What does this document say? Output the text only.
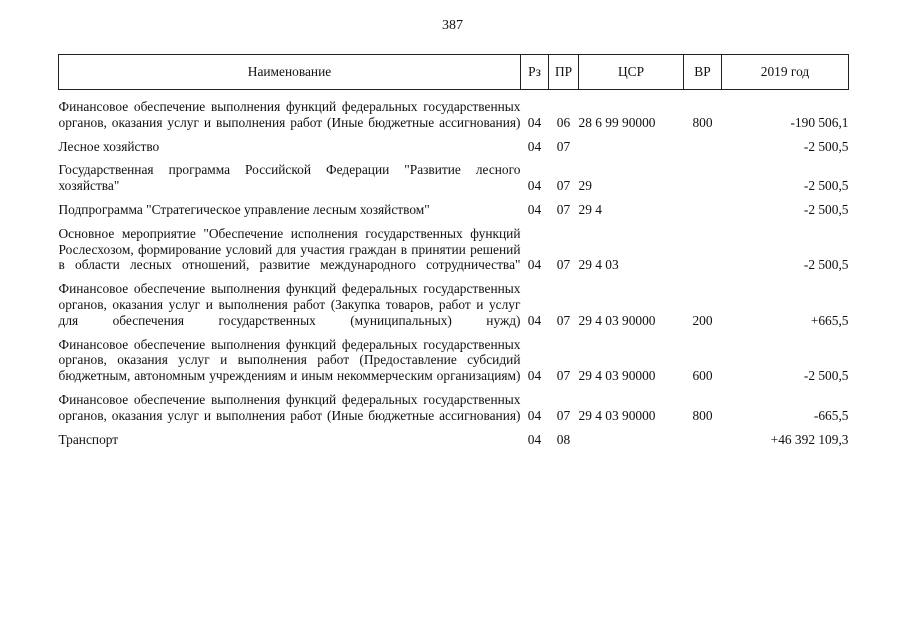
387
Наименование	Рз	ПР	ЦСР	ВР	2019 год
Финансовое обеспечение выполнения функций федеральных государственных органов, оказания услуг и выполнения работ (Иные бюджетные ассигнования)	04	06	28 6 99 90000	800	-190 506,1
Лесное хозяйство	04	07			-2 500,5
Государственная программа Российской Федерации "Развитие лесного хозяйства"	04	07	29		-2 500,5
Подпрограмма "Стратегическое управление лесным хозяйством"	04	07	29 4		-2 500,5
Основное мероприятие "Обеспечение исполнения государственных функций Рослесхозом, формирование условий для участия граждан в принятии решений в области лесных отношений, развитие международного сотрудничества"	04	07	29 4 03		-2 500,5
Финансовое обеспечение выполнения функций федеральных государственных органов, оказания услуг и выполнения работ (Закупка товаров, работ и услуг для обеспечения государственных (муниципальных) нужд)	04	07	29 4 03 90000	200	+665,5
Финансовое обеспечение выполнения функций федеральных государственных органов, оказания услуг и выполнения работ (Предоставление субсидий бюджетным, автономным учреждениям и иным некоммерческим организациям)	04	07	29 4 03 90000	600	-2 500,5
Финансовое обеспечение выполнения функций федеральных государственных органов, оказания услуг и выполнения работ (Иные бюджетные ассигнования)	04	07	29 4 03 90000	800	-665,5
Транспорт	04	08			+46 392 109,3
